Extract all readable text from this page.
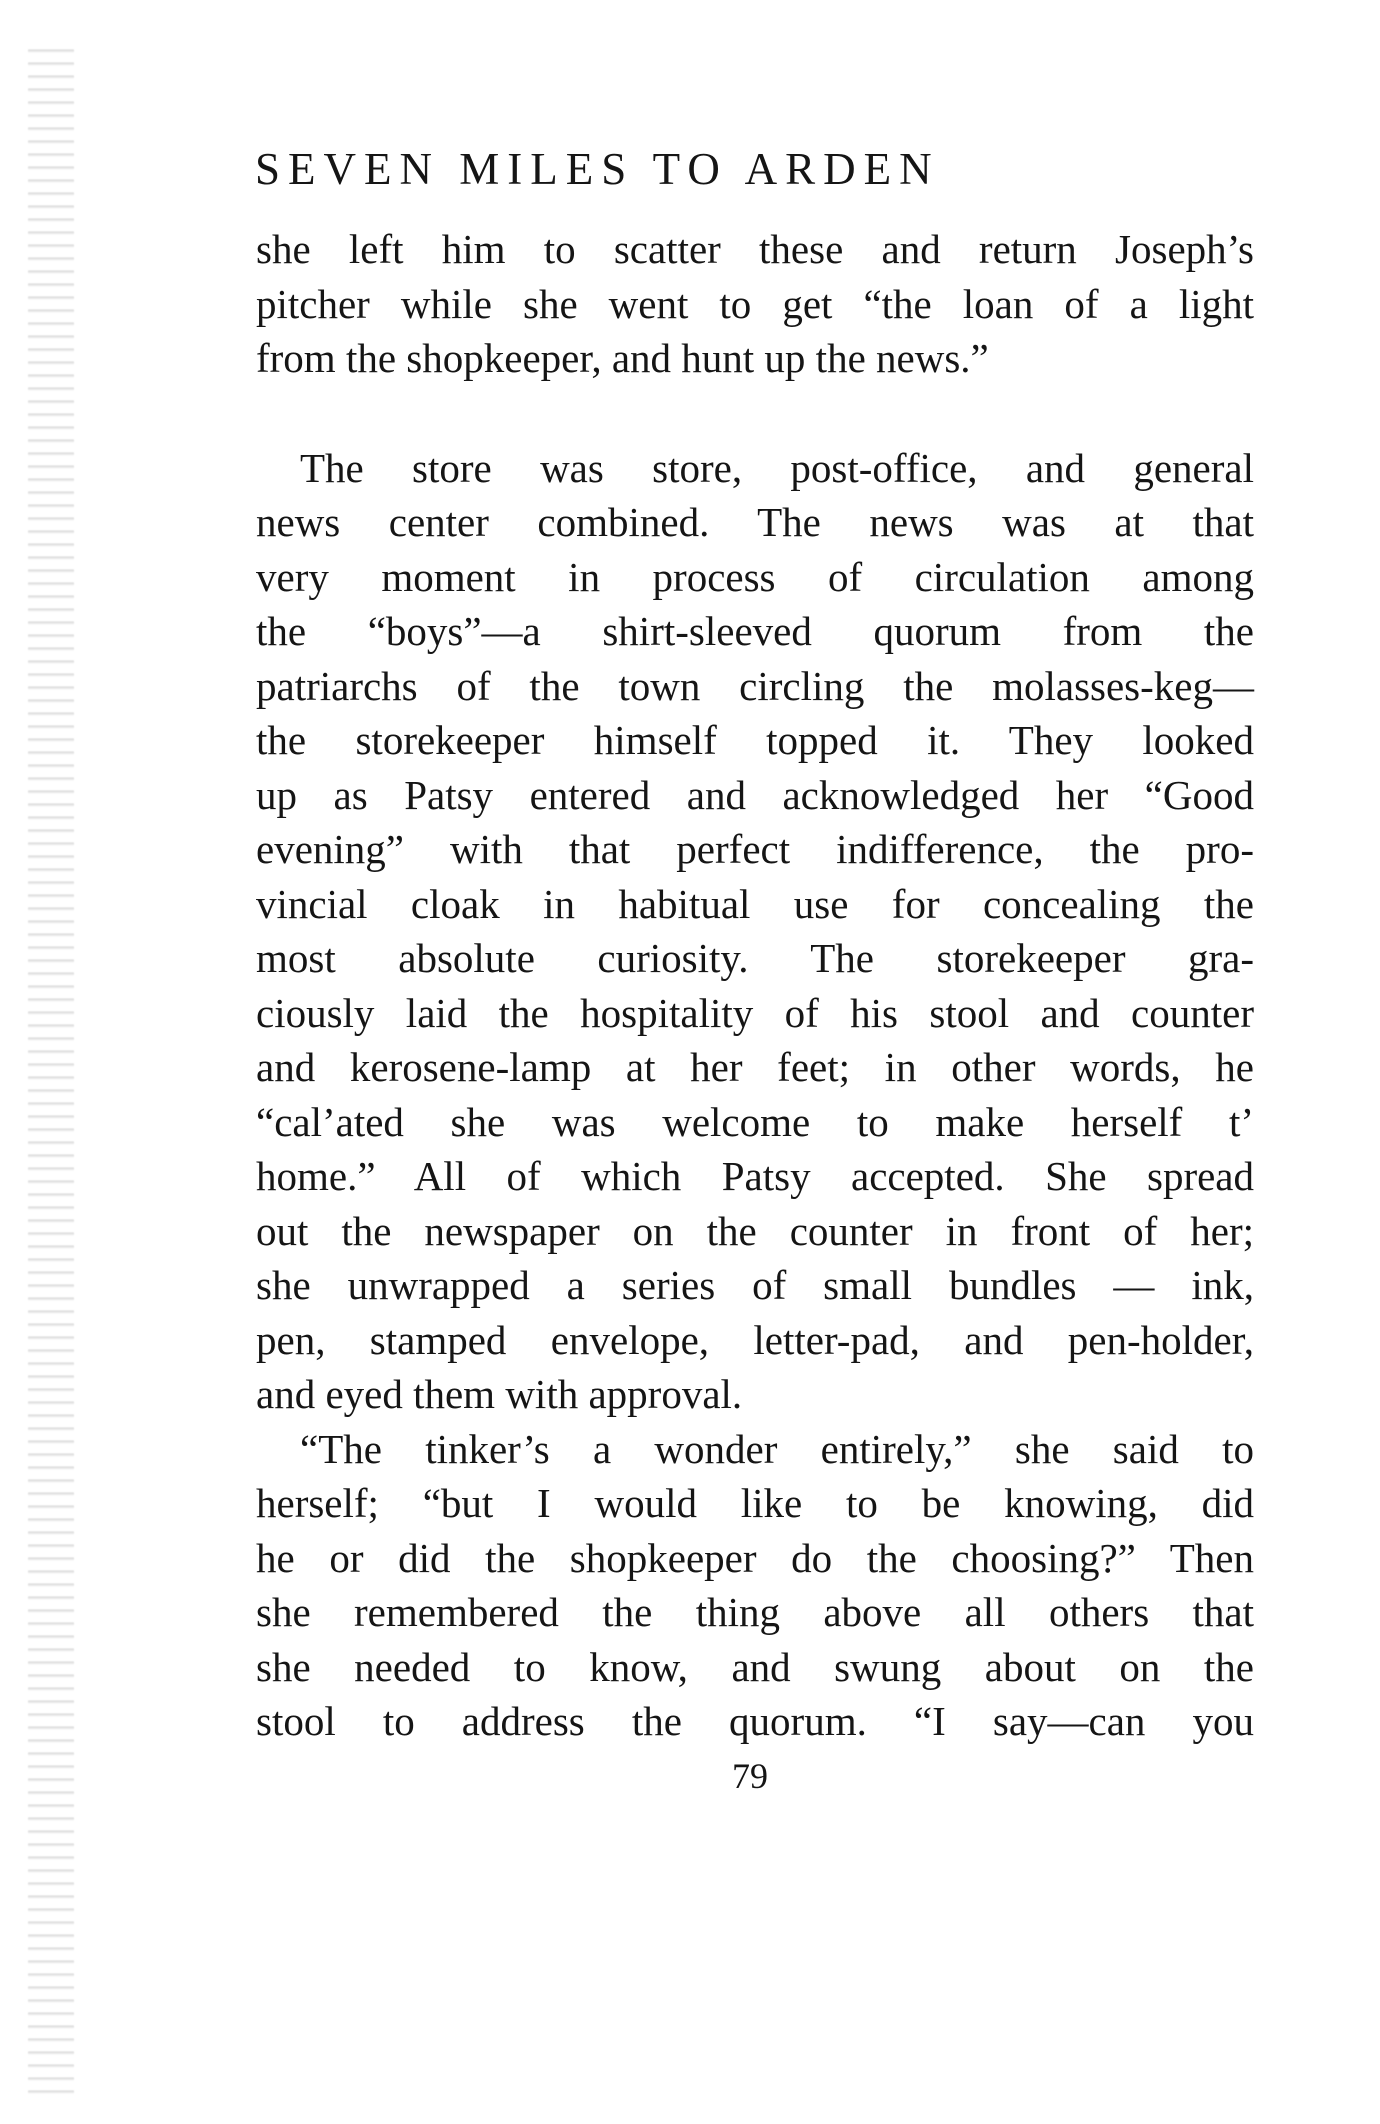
SEVEN MILES TO ARDEN
she left him to scatter these and return Joseph’s
pitcher while she went to get “the loan of a light
from the shopkeeper, and hunt up the news.”
The store was store, post-office, and general
news center combined. The news was at that
very moment in process of circulation among
the “boys”—a shirt-sleeved quorum from the
patriarchs of the town circling the molasses-keg—
the storekeeper himself topped it. They looked
up as Patsy entered and acknowledged her “Good
evening” with that perfect indifference, the pro-
vincial cloak in habitual use for concealing the
most absolute curiosity. The storekeeper gra-
ciously laid the hospitality of his stool and counter
and kerosene-lamp at her feet; in other words, he
“cal’ated she was welcome to make herself t’
home.” All of which Patsy accepted. She spread
out the newspaper on the counter in front of her;
she unwrapped a series of small bundles — ink,
pen, stamped envelope, letter-pad, and pen-holder,
and eyed them with approval.
“The tinker’s a wonder entirely,” she said to
herself; “but I would like to be knowing, did
he or did the shopkeeper do the choosing?” Then
she remembered the thing above all others that
she needed to know, and swung about on the
stool to address the quorum. “I say—can you

79
